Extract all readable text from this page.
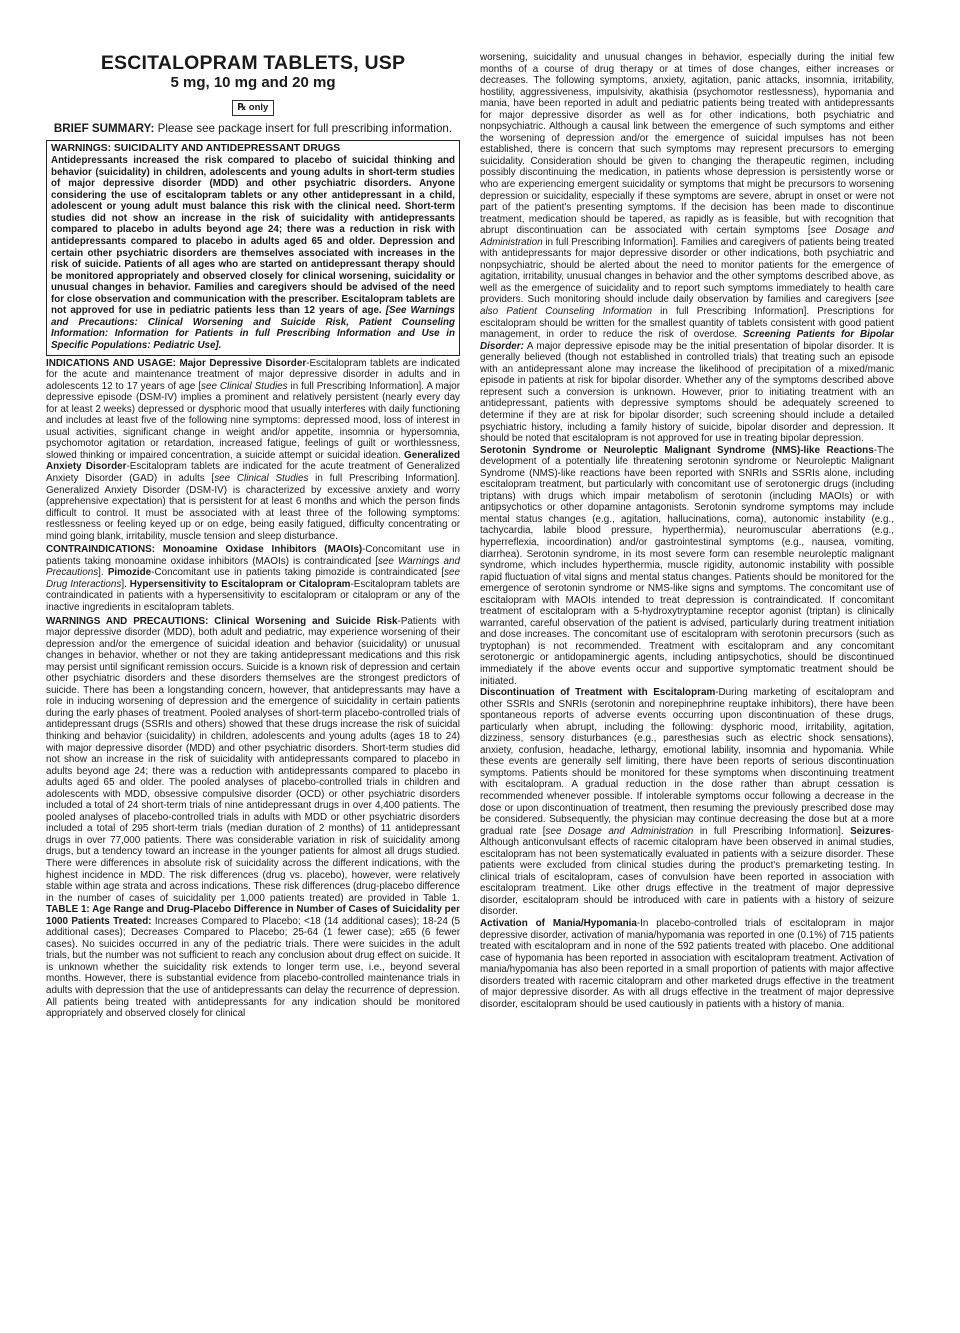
ESCITALOPRAM TABLETS, USP
5 mg, 10 mg and 20 mg
℞ only
BRIEF SUMMARY: Please see package insert for full prescribing information.
WARNINGS: SUICIDALITY AND ANTIDEPRESSANT DRUGS

Antidepressants increased the risk compared to placebo of suicidal thinking and behavior (suicidality) in children, adolescents and young adults in short-term studies of major depressive disorder (MDD) and other psychiatric disorders. Anyone considering the use of escitalopram tablets or any other antidepressant in a child, adolescent or young adult must balance this risk with the clinical need. Short-term studies did not show an increase in the risk of suicidality with antidepressants compared to placebo in adults beyond age 24; there was a reduction in risk with antidepressants compared to placebo in adults aged 65 and older. Depression and certain other psychiatric disorders are themselves associated with increases in the risk of suicide. Patients of all ages who are started on antidepressant therapy should be monitored appropriately and observed closely for clinical worsening, suicidality or unusual changes in behavior. Families and caregivers should be advised of the need for close observation and communication with the prescriber. Escitalopram tablets are not approved for use in pediatric patients less than 12 years of age. [See Warnings and Precautions: Clinical Worsening and Suicide Risk, Patient Counseling Information: Information for Patients in full Prescribing Information and Use in Specific Populations: Pediatric Use].

INDICATIONS AND USAGE: Major Depressive Disorder-Escitalopram tablets are indicated for the acute and maintenance treatment of major depressive disorder in adults and in adolescents 12 to 17 years of age [see Clinical Studies in full Prescribing Information]. A major depressive episode (DSM-IV) implies a prominent and relatively persistent (nearly every day for at least 2 weeks) depressed or dysphoric mood that usually interferes with daily functioning and includes at least five of the following nine symptoms: depressed mood, loss of interest in usual activities, significant change in weight and/or appetite, insomnia or hypersomnia, psychomotor agitation or retardation, increased fatigue, feelings of guilt or worthlessness, slowed thinking or impaired concentration, a suicide attempt or suicidal ideation. Generalized Anxiety Disorder-Escitalopram tablets are indicated for the acute treatment of Generalized Anxiety Disorder (GAD) in adults [see Clinical Studies in full Prescribing Information]. Generalized Anxiety Disorder (DSM-IV) is characterized by excessive anxiety and worry (apprehensive expectation) that is persistent for at least 6 months and which the person finds difficult to control. It must be associated with at least three of the following symptoms: restlessness or feeling keyed up or on edge, being easily fatigued, difficulty concentrating or mind going blank, irritability, muscle tension and sleep disturbance.

CONTRAINDICATIONS: Monoamine Oxidase Inhibitors (MAOIs)-Concomitant use in patients taking monoamine oxidase inhibitors (MAOIs) is contraindicated [see Warnings and Precautions]. Pimozide-Concomitant use in patients taking pimozide is contraindicated [see Drug Interactions]. Hypersensitivity to Escitalopram or Citalopram-Escitalopram tablets are contraindicated in patients with a hypersensitivity to escitalopram or citalopram or any of the inactive ingredients in escitalopram tablets.

WARNINGS AND PRECAUTIONS: Clinical Worsening and Suicide Risk-Patients with major depressive disorder (MDD), both adult and pediatric, may experience worsening of their depression and/or the emergence of suicidal ideation and behavior (suicidality) or unusual changes in behavior, whether or not they are taking antidepressant medications and this risk may persist until significant remission occurs. Suicide is a known risk of depression and certain other psychiatric disorders and these disorders themselves are the strongest predictors of suicide. There has been a longstanding concern, however, that antidepressants may have a role in inducing worsening of depression and the emergence of suicidality in certain patients during the early phases of treatment. Pooled analyses of short-term placebo-controlled trials of antidepressant drugs (SSRIs and others) showed that these drugs increase the risk of suicidal thinking and behavior (suicidality) in children, adolescents and young adults (ages 18 to 24) with major depressive disorder (MDD) and other psychiatric disorders. Short-term studies did not show an increase in the risk of suicidality with antidepressants compared to placebo in adults beyond age 24; there was a reduction with antidepressants compared to placebo in adults aged 65 and older. The pooled analyses of placebo-controlled trials in children and adolescents with MDD, obsessive compulsive disorder (OCD) or other psychiatric disorders included a total of 24 short-term trials of nine antidepressant drugs in over 4,400 patients. The pooled analyses of placebo-controlled trials in adults with MDD or other psychiatric disorders included a total of 295 short-term trials (median duration of 2 months) of 11 antidepressant drugs in over 77,000 patients. There was considerable variation in risk of suicidality among drugs, but a tendency toward an increase in the younger patients for almost all drugs studied. There were differences in absolute risk of suicidality across the different indications, with the highest incidence in MDD. The risk differences (drug vs. placebo), however, were relatively stable within age strata and across indications. These risk differences (drug-placebo difference in the number of cases of suicidality per 1,000 patients treated) are provided in Table 1. TABLE 1: Age Range and Drug-Placebo Difference in Number of Cases of Suicidality per 1000 Patients Treated: Increases Compared to Placebo; <18 (14 additional cases); 18-24 (5 additional cases); Decreases Compared to Placebo; 25-64 (1 fewer case); ≥65 (6 fewer cases). No suicides occurred in any of the pediatric trials. There were suicides in the adult trials, but the number was not sufficient to reach any conclusion about drug effect on suicide. It is unknown whether the suicidality risk extends to longer term use, i.e., beyond several months. However, there is substantial evidence from placebo-controlled maintenance trials in adults with depression that the use of antidepressants can delay the recurrence of depression. All patients being treated with antidepressants for any indication should be monitored appropriately and observed closely for clinical

worsening, suicidality and unusual changes in behavior, especially during the initial few months of a course of drug therapy or at times of dose changes, either increases or decreases. The following symptoms, anxiety, agitation, panic attacks, insomnia, irritability, hostility, aggressiveness, impulsivity, akathisia (psychomotor restlessness), hypomania and mania, have been reported in adult and pediatric patients being treated with antidepressants for major depressive disorder as well as for other indications, both psychiatric and nonpsychiatric. Although a causal link between the emergence of such symptoms and either the worsening of depression and/or the emergence of suicidal impulses has not been established, there is concern that such symptoms may represent precursors to emerging suicidality. Consideration should be given to changing the therapeutic regimen, including possibly discontinuing the medication, in patients whose depression is persistently worse or who are experiencing emergent suicidality or symptoms that might be precursors to worsening depression or suicidality, especially if these symptoms are severe, abrupt in onset or were not part of the patient's presenting symptoms. If the decision has been made to discontinue treatment, medication should be tapered, as rapidly as is feasible, but with recognition that abrupt discontinuation can be associated with certain symptoms [see Dosage and Administration in full Prescribing Information]. Families and caregivers of patients being treated with antidepressants for major depressive disorder or other indications, both psychiatric and nonpsychiatric, should be alerted about the need to monitor patients for the emergence of agitation, irritability, unusual changes in behavior and the other symptoms described above, as well as the emergence of suicidality and to report such symptoms immediately to health care providers. Such monitoring should include daily observation by families and caregivers [see also Patient Counseling Information in full Prescribing Information]. Prescriptions for escitalopram should be written for the smallest quantity of tablets consistent with good patient management, in order to reduce the risk of overdose. Screening Patients for Bipolar Disorder: A major depressive episode may be the initial presentation of bipolar disorder. It is generally believed (though not established in controlled trials) that treating such an episode with an antidepressant alone may increase the likelihood of precipitation of a mixed/manic episode in patients at risk for bipolar disorder. Whether any of the symptoms described above represent such a conversion is unknown. However, prior to initiating treatment with an antidepressant, patients with depressive symptoms should be adequately screened to determine if they are at risk for bipolar disorder; such screening should include a detailed psychiatric history, including a family history of suicide, bipolar disorder and depression. It should be noted that escitalopram is not approved for use in treating bipolar depression.

Serotonin Syndrome or Neuroleptic Malignant Syndrome (NMS)-like Reactions-The development of a potentially life threatening serotonin syndrome or Neuroleptic Malignant Syndrome (NMS)-like reactions have been reported with SNRIs and SSRIs alone, including escitalopram treatment, but particularly with concomitant use of serotonergic drugs (including triptans) with drugs which impair metabolism of serotonin (including MAOIs) or with antipsychotics or other dopamine antagonists. Serotonin syndrome symptoms may include mental status changes (e.g., agitation, hallucinations, coma), autonomic instability (e.g., tachycardia, labile blood pressure, hyperthermia), neuromuscular aberrations (e.g., hyperreflexia, incoordination) and/or gastrointestinal symptoms (e.g., nausea, vomiting, diarrhea). Serotonin syndrome, in its most severe form can resemble neuroleptic malignant syndrome, which includes hyperthermia, muscle rigidity, autonomic instability with possible rapid fluctuation of vital signs and mental status changes. Patients should be monitored for the emergence of serotonin syndrome or NMS-like signs and symptoms. The concomitant use of escitalopram with MAOIs intended to treat depression is contraindicated. If concomitant treatment of escitalopram with a 5-hydroxytryptamine receptor agonist (triptan) is clinically warranted, careful observation of the patient is advised, particularly during treatment initiation and dose increases. The concomitant use of escitalopram with serotonin precursors (such as tryptophan) is not recommended. Treatment with escitalopram and any concomitant serotonergic or antidopaminergic agents, including antipsychotics, should be discontinued immediately if the above events occur and supportive symptomatic treatment should be initiated.

Discontinuation of Treatment with Escitalopram-During marketing of escitalopram and other SSRIs and SNRIs (serotonin and norepinephrine reuptake inhibitors), there have been spontaneous reports of adverse events occurring upon discontinuation of these drugs, particularly when abrupt, including the following: dysphoric mood, irritability, agitation, dizziness, sensory disturbances (e.g., paresthesias such as electric shock sensations), anxiety, confusion, headache, lethargy, emotional lability, insomnia and hypomania. While these events are generally self limiting, there have been reports of serious discontinuation symptoms. Patients should be monitored for these symptoms when discontinuing treatment with escitalopram. A gradual reduction in the dose rather than abrupt cessation is recommended whenever possible. If intolerable symptoms occur following a decrease in the dose or upon discontinuation of treatment, then resuming the previously prescribed dose may be considered. Subsequently, the physician may continue decreasing the dose but at a more gradual rate [see Dosage and Administration in full Prescribing Information]. Seizures-Although anticonvulsant effects of racemic citalopram have been observed in animal studies, escitalopram has not been systematically evaluated in patients with a seizure disorder. These patients were excluded from clinical studies during the product's premarketing testing. In clinical trials of escitalopram, cases of convulsion have been reported in association with escitalopram treatment. Like other drugs effective in the treatment of major depressive disorder, escitalopram should be introduced with care in patients with a history of seizure disorder.

Activation of Mania/Hypomania-In placebo-controlled trials of escitalopram in major depressive disorder, activation of mania/hypomania was reported in one (0.1%) of 715 patients treated with escitalopram and in none of the 592 patients treated with placebo. One additional case of hypomania has been reported in association with escitalopram treatment. Activation of mania/hypomania has also been reported in a small proportion of patients with major affective disorders treated with racemic citalopram and other marketed drugs effective in the treatment of major depressive disorder. As with all drugs effective in the treatment of major depressive disorder, escitalopram should be used cautiously in patients with a history of mania.
